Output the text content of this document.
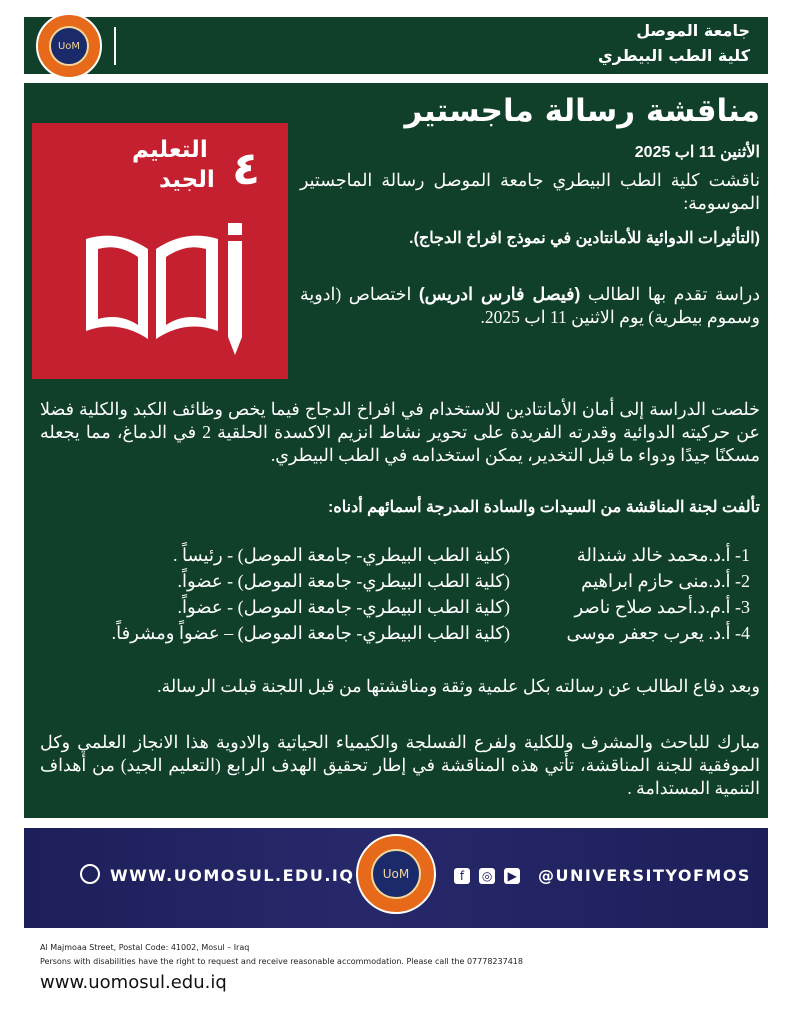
UoM
جامعة الموصل
كلية الطب البيطري
٤
التعليم
الجيد
مناقشة رسالة ماجستير
الأثنين 11 اب 2025
ناقشت كلية الطب البيطري جامعة الموصل رسالة الماجستير الموسومة:
(التأثيرات الدوائية للأمانتادين في نموذج افراخ الدجاج).
دراسة تقدم بها الطالب (فيصل فارس ادريس) اختصاص (ادوية وسموم بيطرية) يوم الاثنين 11 اب 2025.
خلصت الدراسة إلى أمان الأمانتادين للاستخدام في افراخ الدجاج فيما يخص وظائف الكبد والكلية فضلا عن حركيته الدوائية وقدرته الفريدة على تحوير نشاط انزيم الاكسدة الحلقية 2 في الدماغ، مما يجعله مسكنًا جيدًا ودواء ما قبل التخدير، يمكن استخدامه في الطب البيطري.
تألفت لجنة المناقشة من السيدات والسادة المدرجة أسمائهم أدناه:
1- أ.د.محمد خالد شندالة
(كلية الطب البيطري- جامعة الموصل) - رئيساً .
2- أ.د.منى حازم ابراهيم
(كلية الطب البيطري- جامعة الموصل) - عضواً.
3- أ.م.د.أحمد صلاح ناصر
(كلية الطب البيطري- جامعة الموصل) - عضواً.
4- أ.د. يعرب جعفر موسى
(كلية الطب البيطري- جامعة الموصل) – عضواً ومشرفاً.
وبعد دفاع الطالب عن رسالته بكل علمية وثقة ومناقشتها من قبل اللجنة قبلت الرسالة.
مبارك للباحث والمشرف وللكلية ولفرع الفسلجة والكيمياء الحياتية والادوية هذا الانجاز العلمي وكل الموفقية للجنة المناقشة، تأتي هذه المناقشة في إطار تحقيق الهدف الرابع (التعليم الجيد) من أهداف التنمية المستدامة .
WWW.UOMOSUL.EDU.IQ UoM	f ◎ ▶	@UNIVERSITYOFMOS
Al Majmoaa Street, Postal Code: 41002, Mosul – Iraq
Persons with disabilities have the right to request and receive reasonable accommodation. Please call the 07778237418
www.uomosul.edu.iq
